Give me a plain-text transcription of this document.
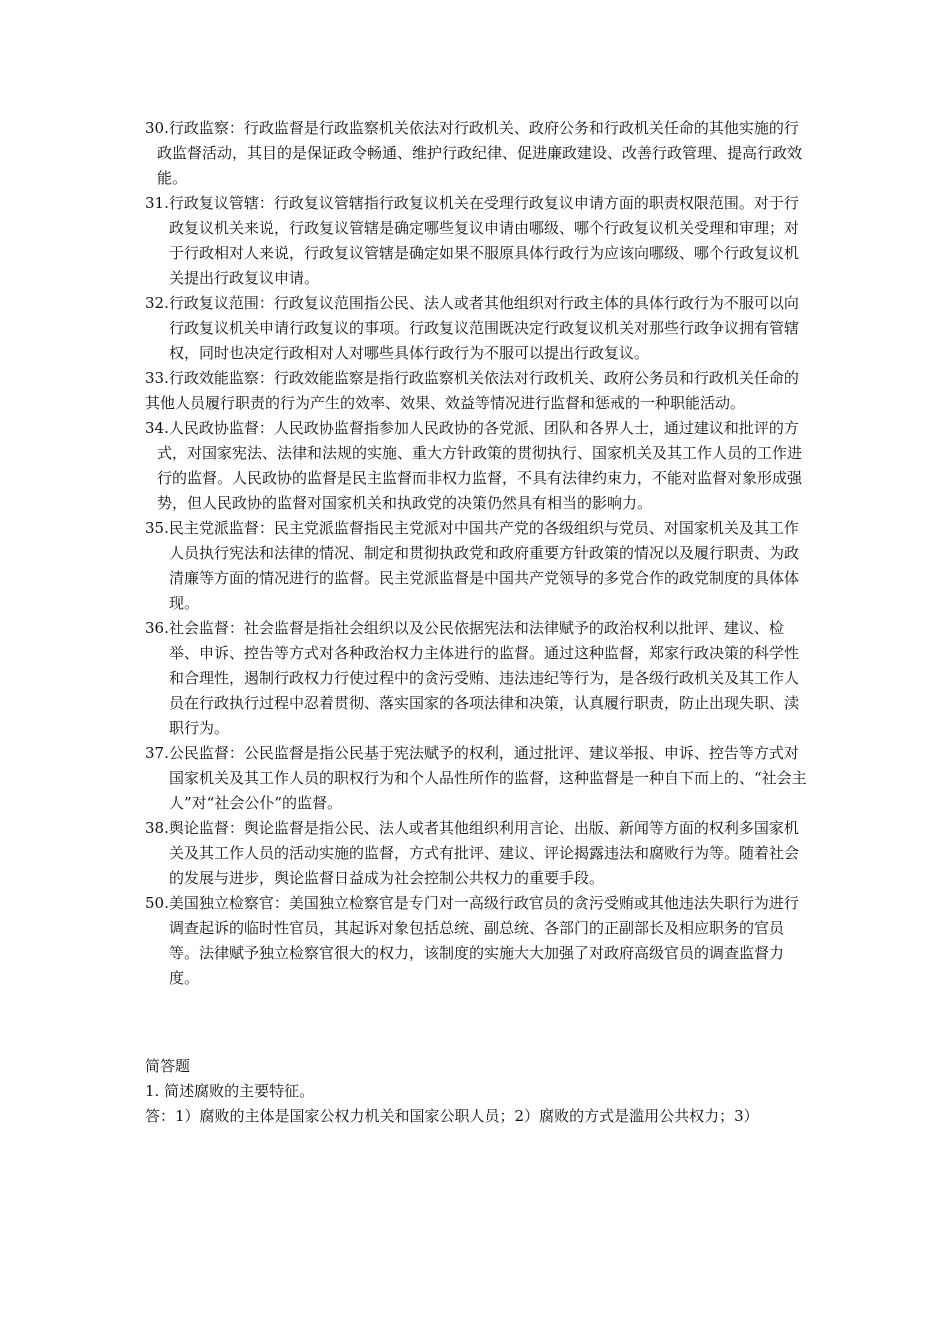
30.行政监察：行政监督是行政监察机关依法对行政机关、政府公务和行政机关任命的其他实施的行政监督活动，其目的是保证政令畅通、维护行政纪律、促进廉政建设、改善行政管理、提高行政效能。

31.行政复议管辖：行政复议管辖指行政复议机关在受理行政复议申请方面的职责权限范围。对于行政复议机关来说，行政复议管辖是确定哪些复议申请由哪级、哪个行政复议机关受理和审理；对于行政相对人来说，行政复议管辖是确定如果不服原具体行政行为应该向哪级、哪个行政复议机关提出行政复议申请。

32.行政复议范围：行政复议范围指公民、法人或者其他组织对行政主体的具体行政行为不服可以向行政复议机关申请行政复议的事项。行政复议范围既决定行政复议机关对那些行政争议拥有管辖权，同时也决定行政相对人对哪些具体行政行为不服可以提出行政复议。

33.行政效能监察：行政效能监察是指行政监察机关依法对行政机关、政府公务员和行政机关任命的其他人员履行职责的行为产生的效率、效果、效益等情况进行监督和惩戒的一种职能活动。

34.人民政协监督：人民政协监督指参加人民政协的各党派、团队和各界人士，通过建议和批评的方式，对国家宪法、法律和法规的实施、重大方针政策的贯彻执行、国家机关及其工作人员的工作进行的监督。人民政协的监督是民主监督而非权力监督，不具有法律约束力，不能对监督对象形成强势，但人民政协的监督对国家机关和执政党的决策仍然具有相当的影响力。

35.民主党派监督：民主党派监督指民主党派对中国共产党的各级组织与党员、对国家机关及其工作人员执行宪法和法律的情况、制定和贯彻执政党和政府重要方针政策的情况以及履行职责、为政清廉等方面的情况进行的监督。民主党派监督是中国共产党领导的多党合作的政党制度的具体体现。

36.社会监督：社会监督是指社会组织以及公民依据宪法和法律赋予的政治权利以批评、建议、检举、申诉、控告等方式对各种政治权力主体进行的监督。通过这种监督，郑家行政决策的科学性和合理性，遏制行政权力行使过程中的贪污受贿、违法违纪等行为，是各级行政机关及其工作人员在行政执行过程中忍着贯彻、落实国家的各项法律和决策，认真履行职责，防止出现失职、渎职行为。

37.公民监督：公民监督是指公民基于宪法赋予的权利，通过批评、建议举报、申诉、控告等方式对国家机关及其工作人员的职权行为和个人品性所作的监督，这种监督是一种自下而上的、“社会主人”对“社会公仆”的监督。

38.舆论监督：舆论监督是指公民、法人或者其他组织利用言论、出版、新闻等方面的权利多国家机关及其工作人员的活动实施的监督，方式有批评、建议、评论揭露违法和腐败行为等。随着社会的发展与进步，舆论监督日益成为社会控制公共权力的重要手段。

50.美国独立检察官：美国独立检察官是专门对一高级行政官员的贪污受贿或其他违法失职行为进行调查起诉的临时性官员，其起诉对象包括总统、副总统、各部门的正副部长及相应职务的官员等。法律赋予独立检察官很大的权力，该制度的实施大大加强了对政府高级官员的调查监督力度。

简答题

1. 简述腐败的主要特征。

答：1）腐败的主体是国家公权力机关和国家公职人员；2）腐败的方式是滥用公共权力；3）
